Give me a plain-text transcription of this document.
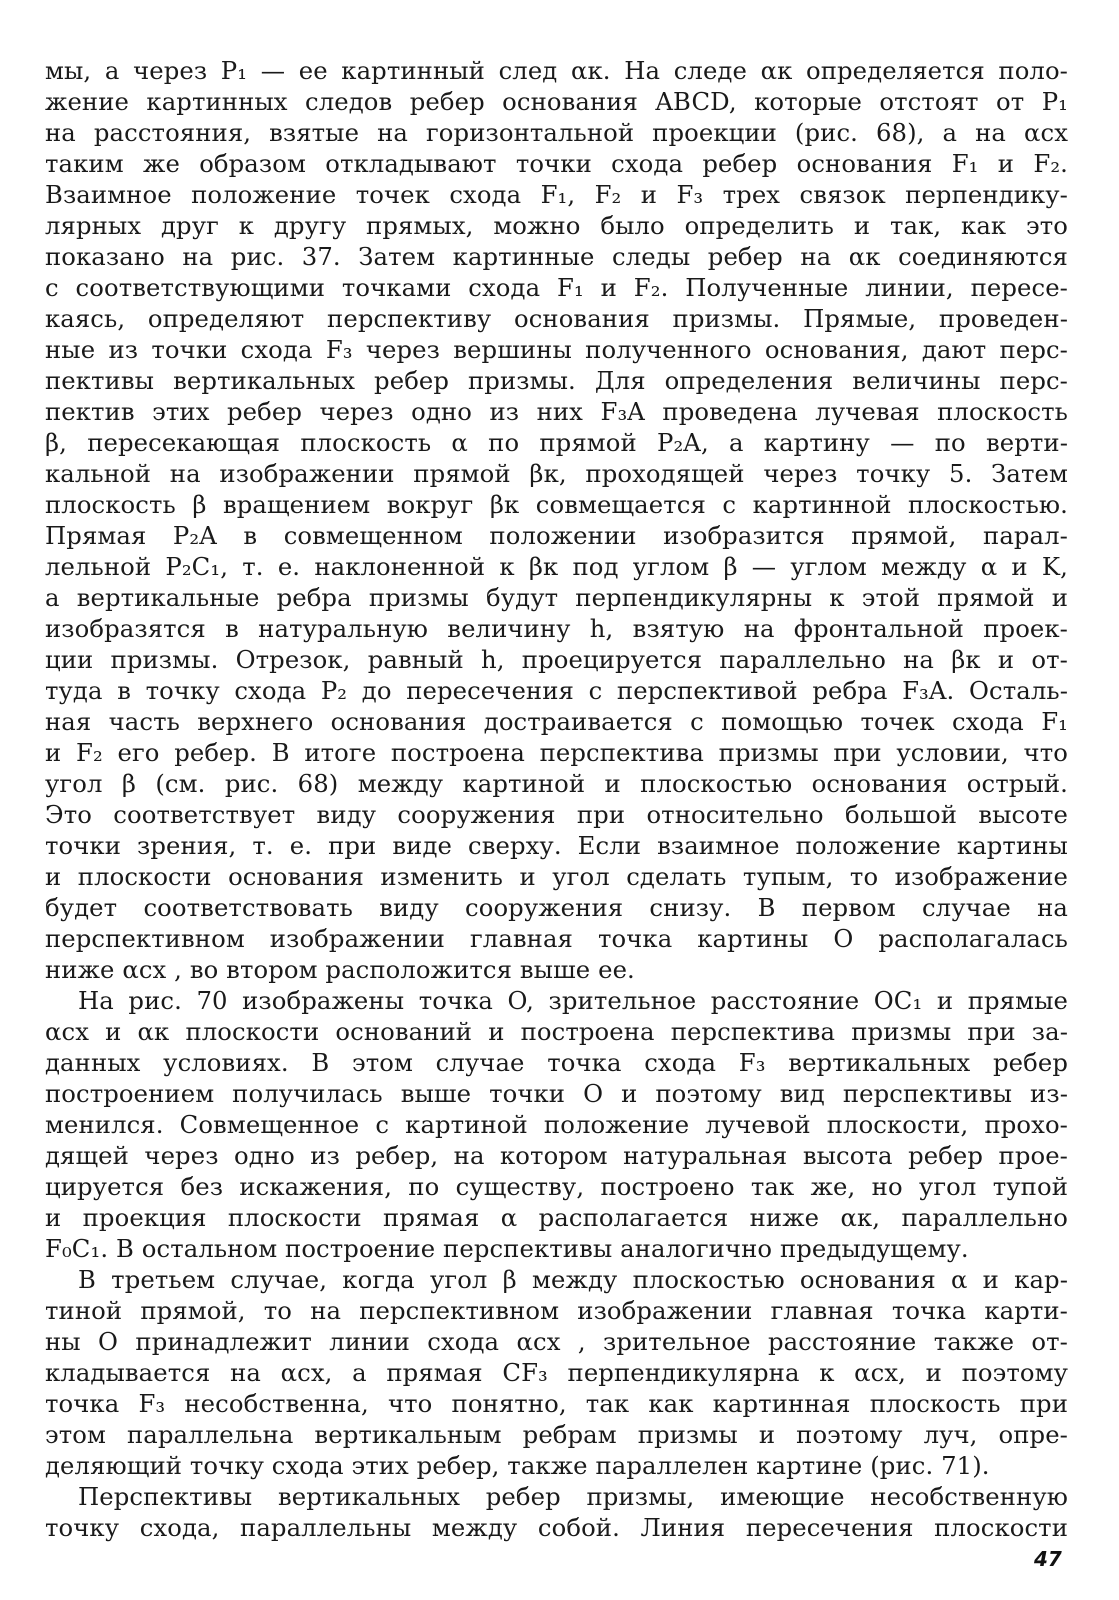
мы, а через P₁ — ее картинный след αк. На следе αк определяется поло-
жение картинных следов ребер основания ABCD, которые отстоят от P₁
на расстояния, взятые на горизонтальной проекции (рис. 68), а на αсх
таким же образом откладывают точки схода ребер основания F₁ и F₂.
Взаимное положение точек схода F₁, F₂ и F₃ трех связок перпендику-
лярных друг к другу прямых, можно было определить и так, как это
показано на рис. 37. Затем картинные следы ребер на αк соединяются
с соответствующими точками схода F₁ и F₂. Полученные линии, пересе-
каясь, определяют перспективу основания призмы. Прямые, проведен-
ные из точки схода F₃ через вершины полученного основания, дают перс-
пективы вертикальных ребер призмы. Для определения величины перс-
пектив этих ребер через одно из них F₃A проведена лучевая плоскость
β, пересекающая плоскость α по прямой P₂A, а картину — по верти-
кальной на изображении прямой βк, проходящей через точку 5. Затем
плоскость β вращением вокруг βк совмещается с картинной плоскостью.
Прямая P₂A в совмещенном положении изобразится прямой, парал-
лельной P₂C₁, т. е. наклоненной к βк под углом β — углом между α и K,
а вертикальные ребра призмы будут перпендикулярны к этой прямой и
изобразятся в натуральную величину h, взятую на фронтальной проек-
ции призмы. Отрезок, равный h, проецируется параллельно на βк и от-
туда в точку схода P₂ до пересечения с перспективой ребра F₃A. Осталь-
ная часть верхнего основания достраивается с помощью точек схода F₁
и F₂ его ребер. В итоге построена перспектива призмы при условии, что
угол β (см. рис. 68) между картиной и плоскостью основания острый.
Это соответствует виду сооружения при относительно большой высоте
точки зрения, т. е. при виде сверху. Если взаимное положение картины
и плоскости основания изменить и угол сделать тупым, то изображение
будет соответствовать виду сооружения снизу. В первом случае на
перспективном изображении главная точка картины O располагалась
ниже αсх , во втором расположится выше ее.
На рис. 70 изображены точка O, зрительное расстояние OC₁ и прямые
αсх и αк плоскости оснований и построена перспектива призмы при за-
данных условиях. В этом случае точка схода F₃ вертикальных ребер
построением получилась выше точки O и поэтому вид перспективы из-
менился. Совмещенное с картиной положение лучевой плоскости, прохо-
дящей через одно из ребер, на котором натуральная высота ребер прое-
цируется без искажения, по существу, построено так же, но угол тупой
и проекция плоскости прямая α располагается ниже αк, параллельно
F₀C₁. В остальном построение перспективы аналогично предыдущему.
В третьем случае, когда угол β между плоскостью основания α и кар-
тиной прямой, то на перспективном изображении главная точка карти-
ны O принадлежит линии схода αсх , зрительное расстояние также от-
кладывается на αсх, а прямая CF₃ перпендикулярна к αсх, и поэтому
точка F₃ несобственна, что понятно, так как картинная плоскость при
этом параллельна вертикальным ребрам призмы и поэтому луч, опре-
деляющий точку схода этих ребер, также параллелен картине (рис. 71).
Перспективы вертикальных ребер призмы, имеющие несобственную
точку схода, параллельны между собой. Линия пересечения плоскости
47
